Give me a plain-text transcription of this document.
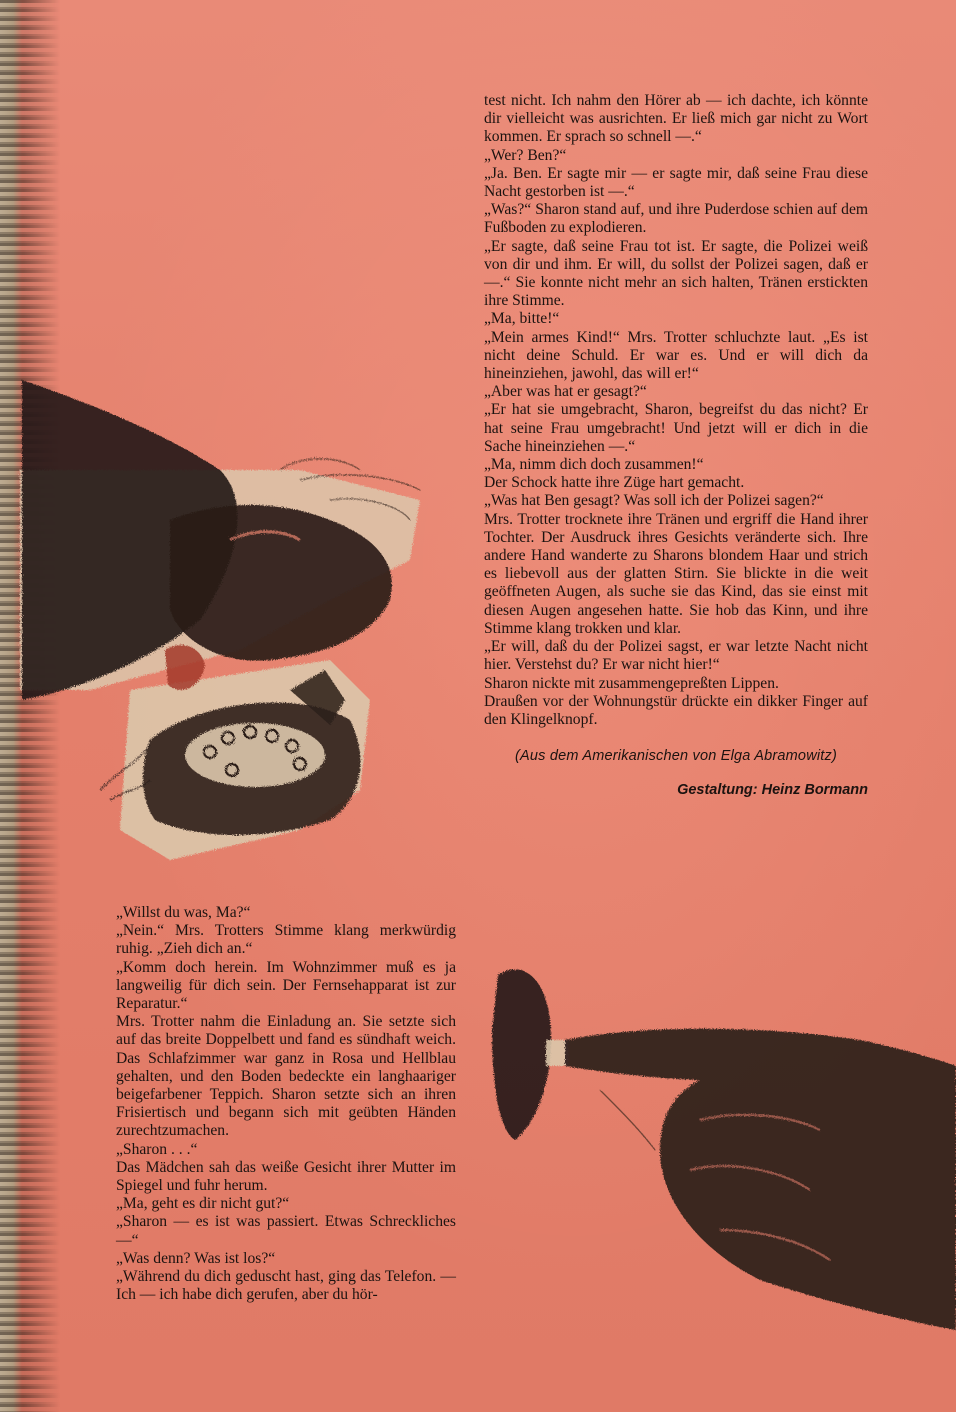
test nicht. Ich nahm den Hörer ab — ich dachte, ich könnte dir vielleicht was ausrichten. Er ließ mich gar nicht zu Wort kommen. Er sprach so schnell —.“

„Wer? Ben?“

„Ja. Ben. Er sagte mir — er sagte mir, daß seine Frau diese Nacht gestorben ist —.“

„Was?“ Sharon stand auf, und ihre Puderdose schien auf dem Fußboden zu explodieren.

„Er sagte, daß seine Frau tot ist. Er sagte, die Polizei weiß von dir und ihm. Er will, du sollst der Polizei sagen, daß er —.“ Sie konnte nicht mehr an sich halten, Tränen erstickten ihre Stimme.

„Ma, bitte!“

„Mein armes Kind!“ Mrs. Trotter schluchzte laut. „Es ist nicht deine Schuld. Er war es. Und er will dich da hineinziehen, jawohl, das will er!“

„Aber was hat er gesagt?“

„Er hat sie umgebracht, Sharon, begreifst du das nicht? Er hat seine Frau umgebracht! Und jetzt will er dich in die Sache hineinziehen —.“

„Ma, nimm dich doch zusammen!“

Der Schock hatte ihre Züge hart gemacht.

„Was hat Ben gesagt? Was soll ich der Polizei sagen?“

Mrs. Trotter trocknete ihre Tränen und ergriff die Hand ihrer Tochter. Der Ausdruck ihres Gesichts veränderte sich. Ihre andere Hand wanderte zu Sharons blondem Haar und strich es liebevoll aus der glatten Stirn. Sie blickte in die weit geöffneten Augen, als suche sie das Kind, das sie einst mit diesen Augen angesehen hatte. Sie hob das Kinn, und ihre Stimme klang trokken und klar.

„Er will, daß du der Polizei sagst, er war letzte Nacht nicht hier. Verstehst du? Er war nicht hier!“

Sharon nickte mit zusammengepreßten Lippen.

Draußen vor der Wohnungstür drückte ein dikker Finger auf den Klingelknopf.

(Aus dem Amerikanischen von Elga Abramowitz)
Gestaltung: Heinz Bormann

„Willst du was, Ma?“

„Nein.“ Mrs. Trotters Stimme klang merkwürdig ruhig. „Zieh dich an.“

„Komm doch herein. Im Wohnzimmer muß es ja langweilig für dich sein. Der Fernsehapparat ist zur Reparatur.“

Mrs. Trotter nahm die Einladung an. Sie setzte sich auf das breite Doppelbett und fand es sündhaft weich. Das Schlafzimmer war ganz in Rosa und Hellblau gehalten, und den Boden bedeckte ein langhaariger beigefarbener Teppich. Sharon setzte sich an ihren Frisiertisch und begann sich mit geübten Händen zurechtzumachen.

„Sharon . . .“

Das Mädchen sah das weiße Gesicht ihrer Mutter im Spiegel und fuhr herum.

„Ma, geht es dir nicht gut?“

„Sharon — es ist was passiert. Etwas Schreckliches —“

„Was denn? Was ist los?“

„Während du dich geduscht hast, ging das Telefon. — Ich — ich habe dich gerufen, aber du hör-
